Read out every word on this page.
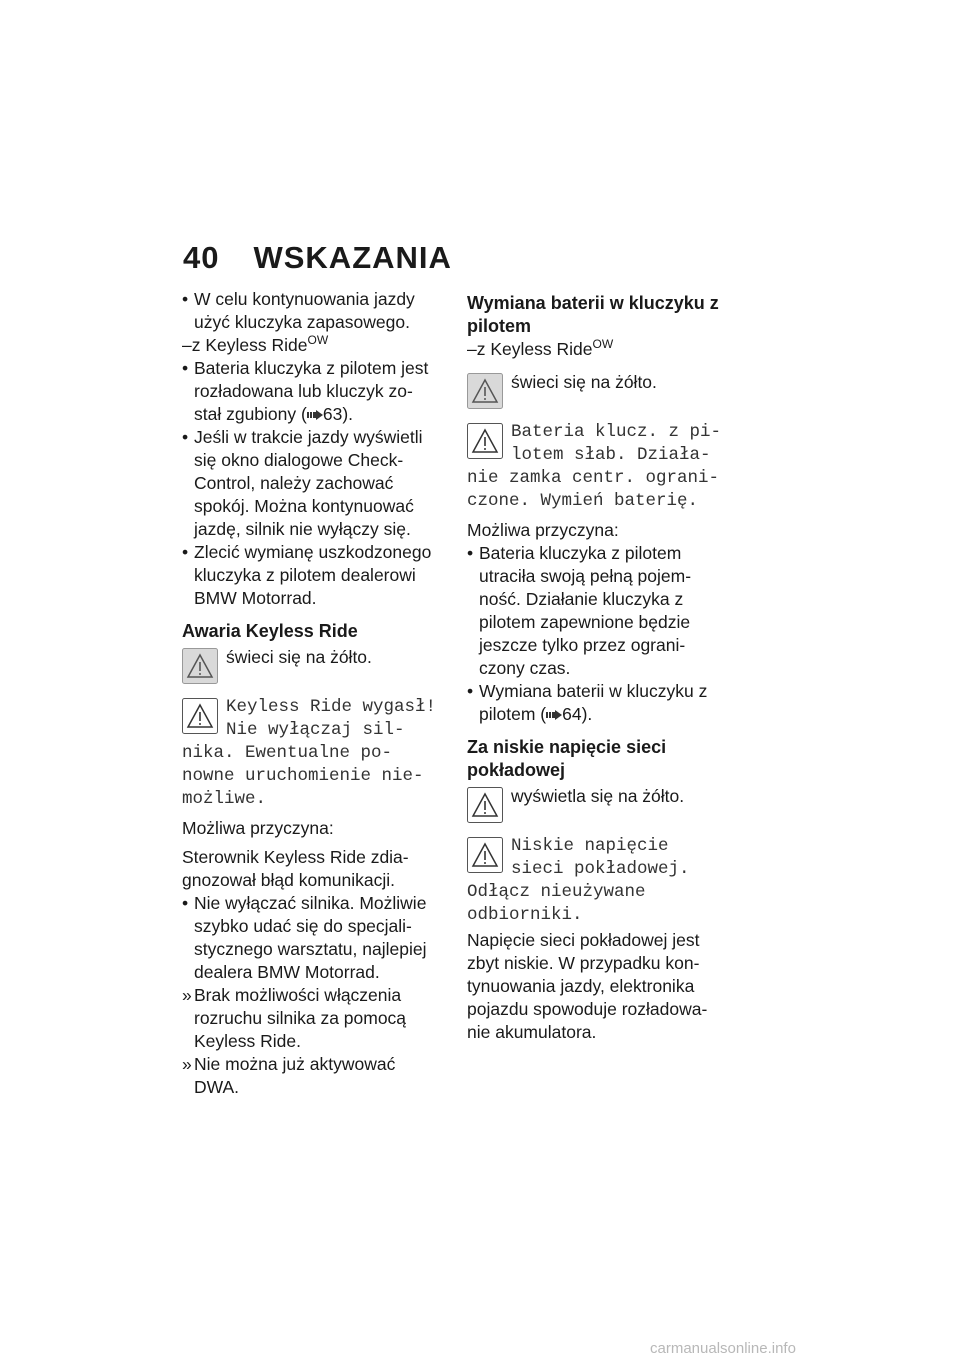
40 WSKAZANIA
• W celu kontynuowania jazdy
użyć kluczyka zapasowego.
–z Keyless Ride$^{OW}$
• Bateria kluczyka z pilotem jest
rozładowana lub kluczyk zo-
stał zgubiony ( 63).
• Jeśli w trakcie jazdy wyświetli
się okno dialogowe Check-
Control, należy zachować
spokój. Można kontynuować
jazdę, silnik nie wyłączy się.
• Zlecić wymianę uszkodzonego
kluczyka z pilotem dealerowi
BMW Motorrad.
Awaria Keyless Ride
świeci się na żółto.
Keyless Ride wygasł!
Nie wyłączaj sil-
nika. Ewentualne po-
nowne uruchomienie nie-
możliwe.
Możliwa przyczyna:
Sterownik Keyless Ride zdia-
gnozował błąd komunikacji.
• Nie wyłączać silnika. Możliwie
szybko udać się do specjali-
stycznego warsztatu, najlepiej
dealera BMW Motorrad.
» Brak możliwości włączenia
rozruchu silnika za pomocą
Keyless Ride.
» Nie można już aktywować
DWA.
Wymiana baterii w kluczyku z
pilotem
–z Keyless Ride$^{OW}$
świeci się na żółto.
Bateria klucz. z pi-
lotem słab. Działa-
nie zamka centr. ograni-
czone. Wymień baterię.
Możliwa przyczyna:
• Bateria kluczyka z pilotem
utraciła swoją pełną pojem-
ność. Działanie kluczyka z
pilotem zapewnione będzie
jeszcze tylko przez ograni-
czony czas.
• Wymiana baterii w kluczyku z
pilotem ( 64).
Za niskie napięcie sieci
pokładowej
wyświetla się na żółto.
Niskie napięcie
sieci pokładowej.
Odłącz nieużywane
odbiorniki.
Napięcie sieci pokładowej jest
zbyt niskie. W przypadku kon-
tynuowania jazdy, elektronika
pojazdu spowoduje rozładowa-
nie akumulatora.
carmanualsonline.info
